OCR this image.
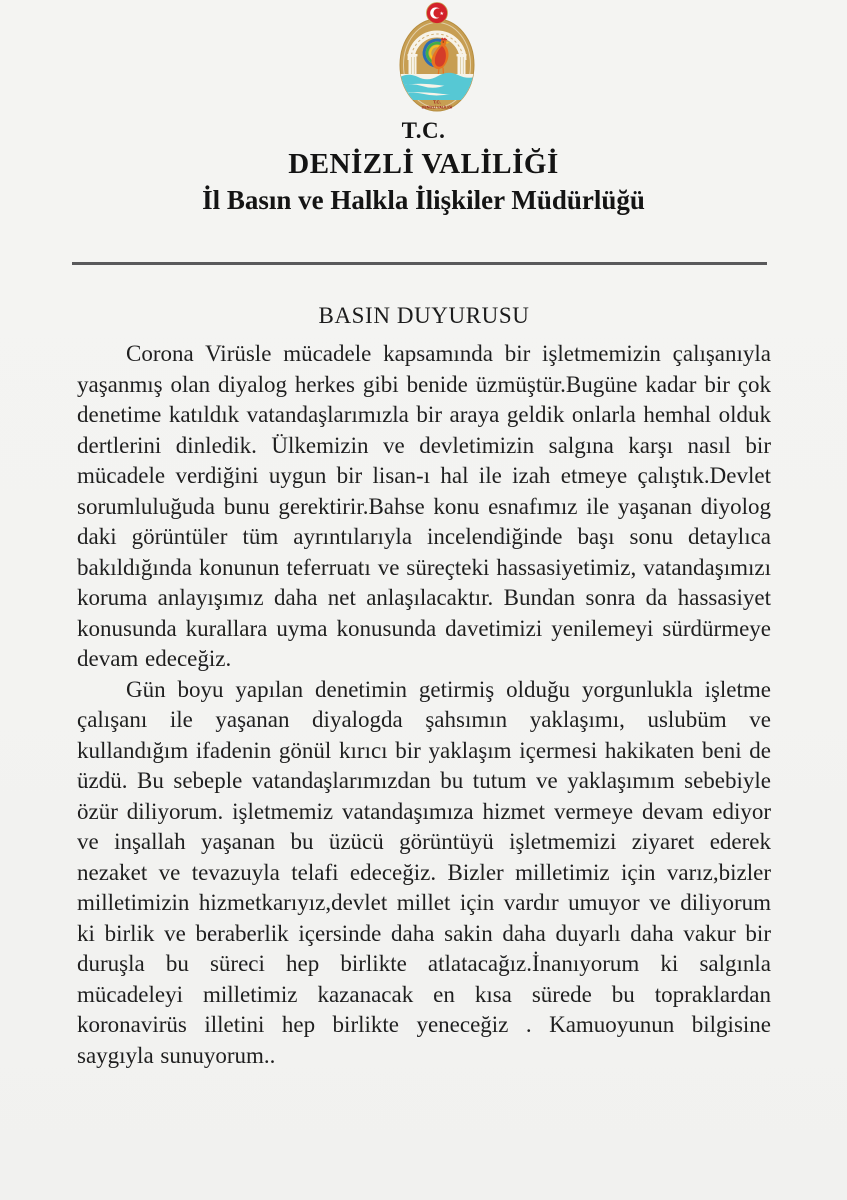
T.C.
DENİZLİ VALİLİĞİ
★
T.C.
DENİZLİ VALİLİĞİ
İl Basın ve Halkla İlişkiler Müdürlüğü
BASIN DUYURUSU

Corona Virüsle mücadele kapsamında bir işletmemizin çalışanıyla yaşanmış olan diyalog herkes gibi benide üzmüştür.Bugüne kadar bir çok denetime katıldık vatandaşlarımızla bir araya geldik onlarla hemhal olduk dertlerini dinledik. Ülkemizin ve devletimizin salgına karşı nasıl bir mücadele verdiğini uygun bir lisan-ı hal ile izah etmeye çalıştık.Devlet sorumluluğuda bunu gerektirir.Bahse konu esnafımız ile yaşanan diyolog daki görüntüler tüm ayrıntılarıyla incelendiğinde başı sonu detaylıca bakıldığında konunun teferruatı ve süreçteki hassasiyetimiz, vatandaşımızı koruma anlayışımız daha net anlaşılacaktır. Bundan sonra da hassasiyet konusunda kurallara uyma konusunda davetimizi yenilemeyi sürdürmeye devam edeceğiz.

Gün boyu yapılan denetimin getirmiş olduğu yorgunlukla işletme çalışanı ile yaşanan diyalogda şahsımın yaklaşımı, uslubüm ve kullandığım ifadenin gönül kırıcı bir yaklaşım içermesi hakikaten beni de üzdü. Bu sebeple vatandaşlarımızdan bu tutum ve yaklaşımım sebebiyle özür diliyorum. işletmemiz vatandaşımıza hizmet vermeye devam ediyor ve inşallah yaşanan bu üzücü görüntüyü işletmemizi ziyaret ederek nezaket ve tevazuyla telafi edeceğiz. Bizler milletimiz için varız,bizler milletimizin hizmetkarıyız,devlet millet için vardır umuyor ve diliyorum ki birlik ve beraberlik içersinde daha sakin daha duyarlı daha vakur bir duruşla bu süreci hep birlikte atlatacağız.İnanıyorum ki salgınla mücadeleyi milletimiz kazanacak en kısa sürede bu topraklardan koronavirüs illetini hep birlikte yeneceğiz . Kamuoyunun bilgisine saygıyla sunuyorum..
